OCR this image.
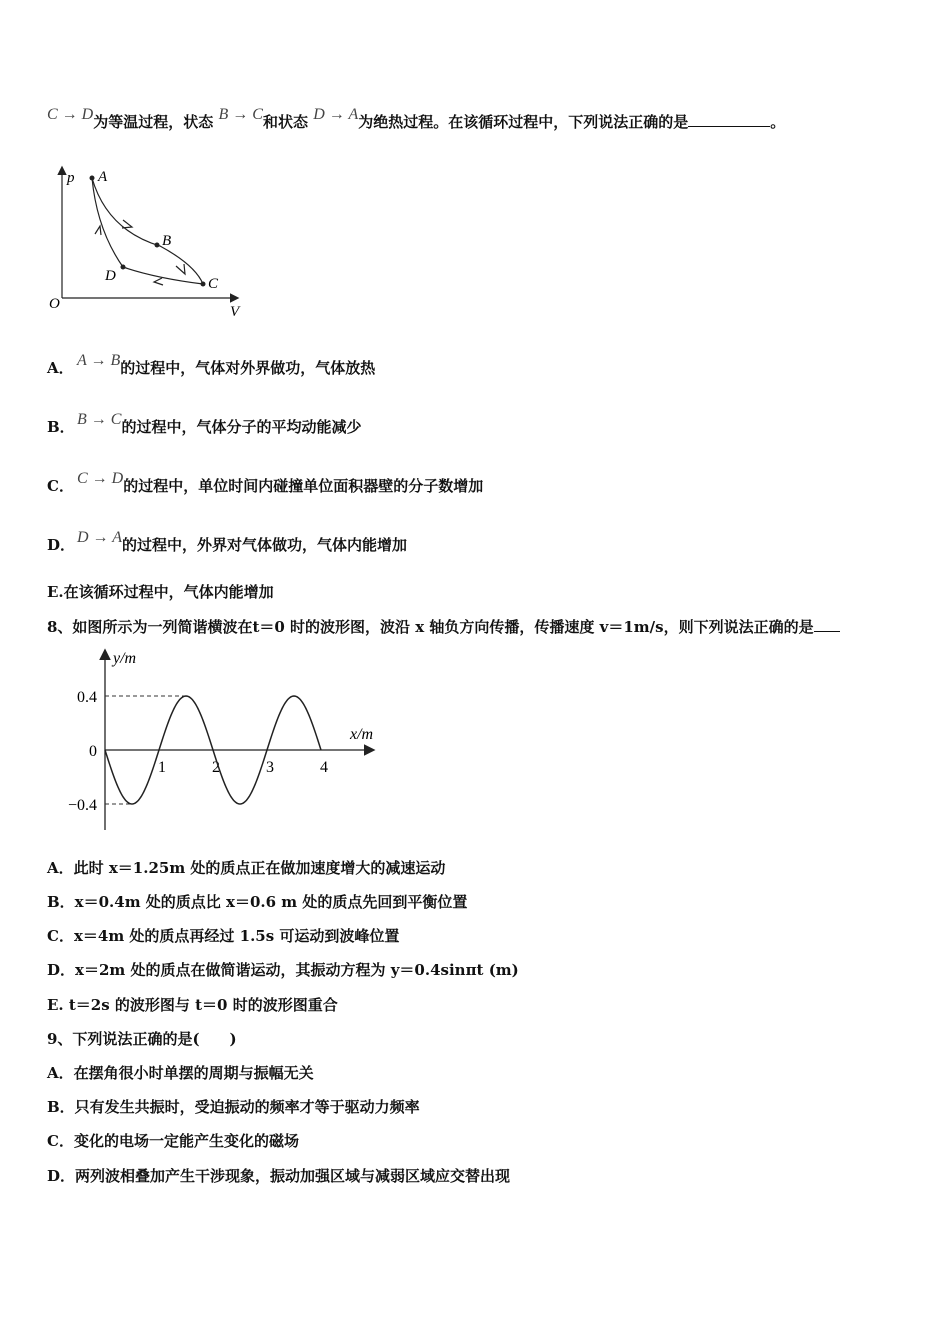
C → D为等温过程，状态 B → C和状态 D → A为绝热过程。在该循环过程中，下列说法正确的是	。
p
V
O
A
B
C
D
A． A → B的过程中，气体对外界做功，气体放热
B． B → C的过程中，气体分子的平均动能减少
C． C → D的过程中，单位时间内碰撞单位面积器壁的分子数增加
D． D → A的过程中，外界对气体做功，气体内能增加
E.在该循环过程中，气体内能增加
8、如图所示为一列简谐横波在t＝0 时的波形图，波沿 x 轴负方向传播，传播速度 v＝1m/s，则下列说法正确的是
y/m
x/m
0.4
0
−0.4
1	2	3	4
A．此时 x＝1.25m 处的质点正在做加速度增大的减速运动
B．x＝0.4m 处的质点比 x＝0.6 m 处的质点先回到平衡位置
C．x＝4m 处的质点再经过 1.5s 可运动到波峰位置
D．x＝2m 处的质点在做简谐运动，其振动方程为 y＝0.4sinπt (m)
E. t＝2s 的波形图与 t＝0 时的波形图重合
9、下列说法正确的是(　　)
A．在摆角很小时单摆的周期与振幅无关
B．只有发生共振时，受迫振动的频率才等于驱动力频率
C．变化的电场一定能产生变化的磁场
D．两列波相叠加产生干涉现象，振动加强区域与减弱区域应交替出现
